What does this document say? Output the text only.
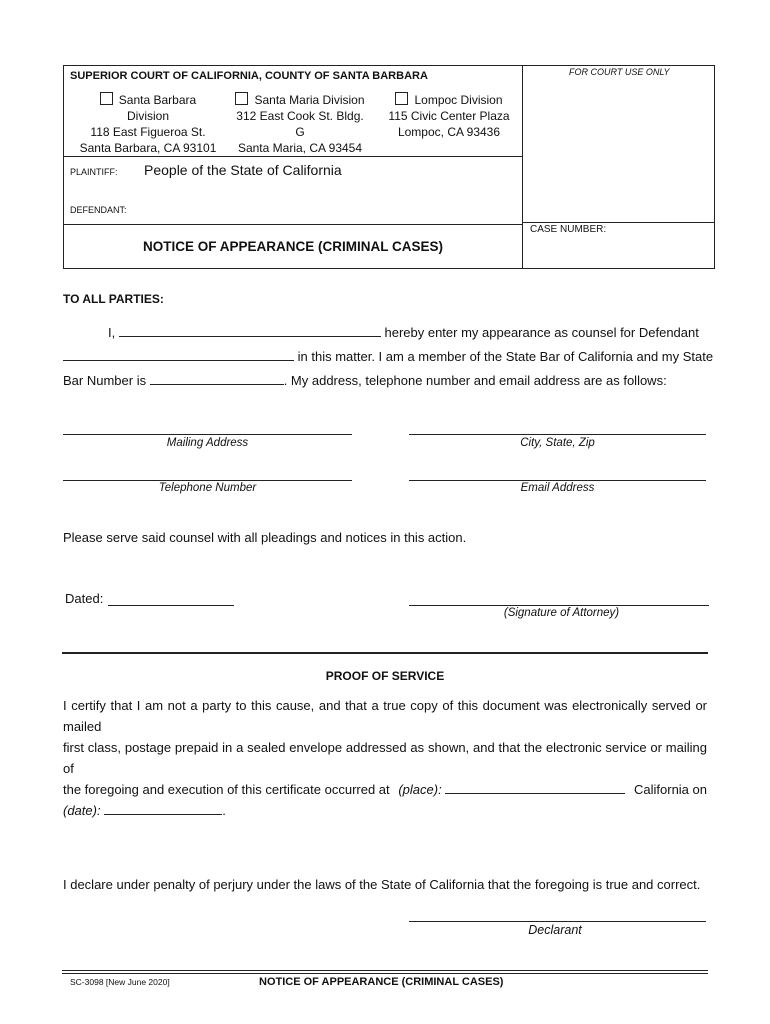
SUPERIOR COURT OF CALIFORNIA, COUNTY OF SANTA BARBARA	FOR COURT USE ONLY
Santa Barbara Division
118 East Figueroa St.
Santa Barbara, CA 93101
Santa Maria Division
312 East Cook St. Bldg. G
Santa Maria, CA 93454
Lompoc Division
115 Civic Center Plaza
Lompoc, CA 93436
PLAINTIFF: People of the State of California
DEFENDANT:
NOTICE OF APPEARANCE (CRIMINAL CASES)
CASE NUMBER:
TO ALL PARTIES:
I,	hereby enter my appearance as counsel for Defendant
in this matter. I am a member of the State Bar of California and my State
Bar Number is	. My address, telephone number and email address are as follows:
Mailing Address	City, State, Zip
Telephone Number	Email Address
Please serve said counsel with all pleadings and notices in this action.
Dated:
(Signature of Attorney)
PROOF OF SERVICE
I certify that I am not a party to this cause, and that a true copy of this document was electronically served or mailed
first class, postage prepaid in a sealed envelope addressed as shown, and that the electronic service or mailing of
the foregoing and execution of this certificate occurred at (place):	California on
(date):	.
I declare under penalty of perjury under the laws of the State of California that the foregoing is true and correct.
Declarant
SC-3098 [New June 2020]	NOTICE OF APPEARANCE (CRIMINAL CASES)
